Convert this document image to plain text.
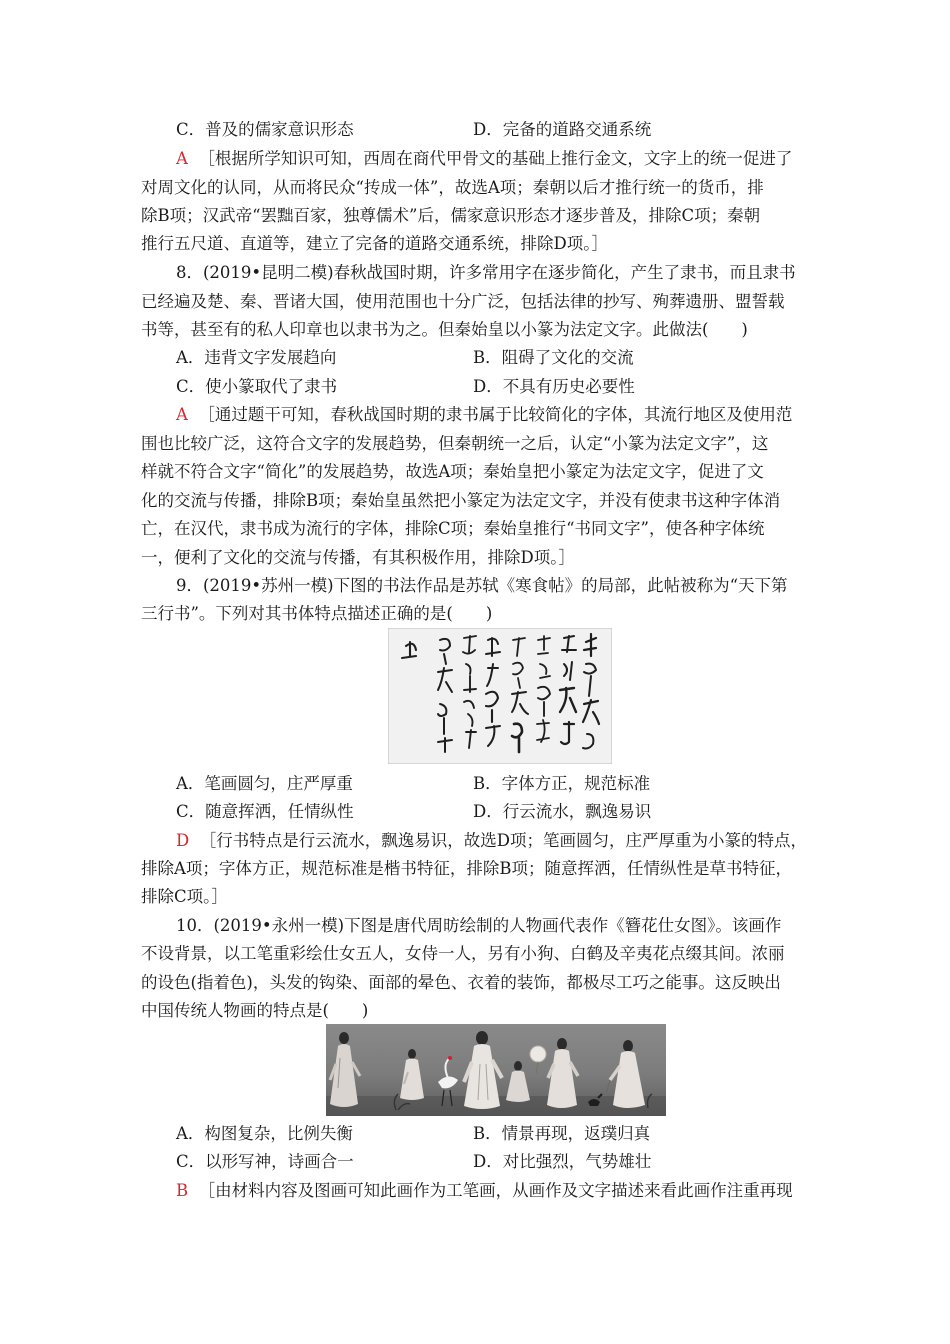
C．普及的儒家意识形态	D．完备的道路交通系统
A ［根据所学知识可知，西周在商代甲骨文的基础上推行金文，文字上的统一促进了
对周文化的认同，从而将民众“抟成一体”，故选A项；秦朝以后才推行统一的货币，排
除B项；汉武帝“罢黜百家，独尊儒术”后，儒家意识形态才逐步普及，排除C项；秦朝
推行五尺道、直道等，建立了完备的道路交通系统，排除D项。］
8．(2019•昆明二模)春秋战国时期，许多常用字在逐步简化，产生了隶书，而且隶书
已经遍及楚、秦、晋诸大国，使用范围也十分广泛，包括法律的抄写、殉葬遗册、盟誓载
书等，甚至有的私人印章也以隶书为之。但秦始皇以小篆为法定文字。此做法(　　)
A．违背文字发展趋向	B．阻碍了文化的交流
C．使小篆取代了隶书	D．不具有历史必要性
A ［通过题干可知，春秋战国时期的隶书属于比较简化的字体，其流行地区及使用范
围也比较广泛，这符合文字的发展趋势，但秦朝统一之后，认定“小篆为法定文字”，这
样就不符合文字“简化”的发展趋势，故选A项；秦始皇把小篆定为法定文字，促进了文
化的交流与传播，排除B项；秦始皇虽然把小篆定为法定文字，并没有使隶书这种字体消
亡，在汉代，隶书成为流行的字体，排除C项；秦始皇推行“书同文字”，使各种字体统
一，便利了文化的交流与传播，有其积极作用，排除D项。］
9．(2019•苏州一模)下图的书法作品是苏轼《寒食帖》的局部，此帖被称为“天下第
三行书”。下列对其书体特点描述正确的是(　　)
A．笔画圆匀，庄严厚重	B．字体方正，规范标准
C．随意挥洒，任情纵性	D．行云流水，飘逸易识
D ［行书特点是行云流水，飘逸易识，故选D项；笔画圆匀，庄严厚重为小篆的特点，
排除A项；字体方正，规范标准是楷书特征，排除B项；随意挥洒，任情纵性是草书特征，
排除C项。］
10．(2019•永州一模)下图是唐代周昉绘制的人物画代表作《簪花仕女图》。该画作
不设背景，以工笔重彩绘仕女五人，女侍一人，另有小狗、白鹤及辛夷花点缀其间。浓丽
的设色(指着色)，头发的钩染、面部的晕色、衣着的装饰，都极尽工巧之能事。这反映出
中国传统人物画的特点是(　　)
A．构图复杂，比例失衡	B．情景再现，返璞归真
C．以形写神，诗画合一	D．对比强烈，气势雄壮
B ［由材料内容及图画可知此画作为工笔画，从画作及文字描述来看此画作注重再现
